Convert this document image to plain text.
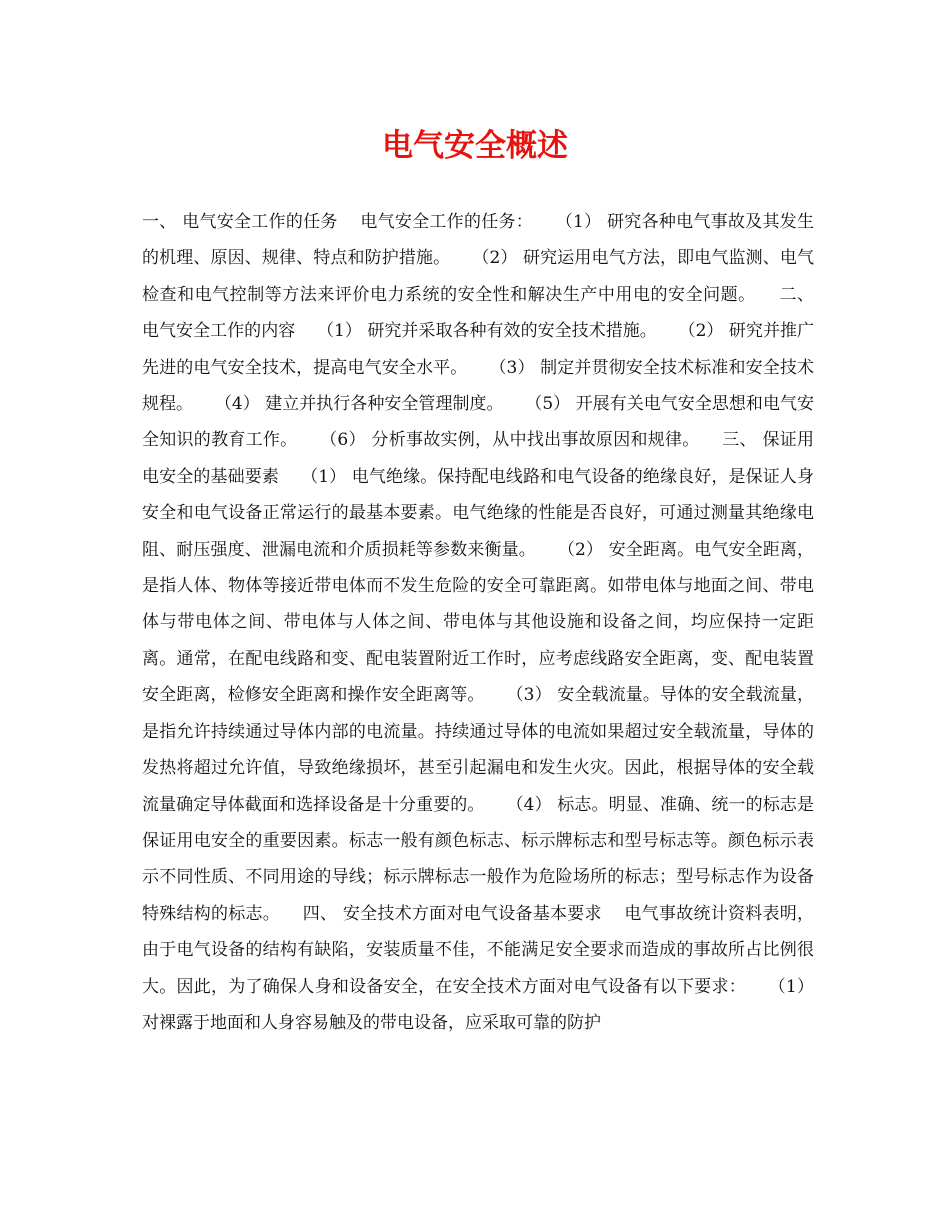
电气安全概述

一、 电气安全工作的任务    电气安全工作的任务：    （1） 研究各种电气事故及其发生的机理、原因、规律、特点和防护措施。    （2） 研究运用电气方法，即电气监测、电气检查和电气控制等方法来评价电力系统的安全性和解决生产中用电的安全问题。    二、 电气安全工作的内容    （1） 研究并采取各种有效的安全技术措施。    （2） 研究并推广先进的电气安全技术，提高电气安全水平。    （3） 制定并贯彻安全技术标准和安全技术规程。    （4） 建立并执行各种安全管理制度。    （5） 开展有关电气安全思想和电气安全知识的教育工作。    （6） 分析事故实例，从中找出事故原因和规律。    三、 保证用电安全的基础要素    （1） 电气绝缘。保持配电线路和电气设备的绝缘良好，是保证人身安全和电气设备正常运行的最基本要素。电气绝缘的性能是否良好，可通过测量其绝缘电阻、耐压强度、泄漏电流和介质损耗等参数来衡量。    （2） 安全距离。电气安全距离，是指人体、物体等接近带电体而不发生危险的安全可靠距离。如带电体与地面之间、带电体与带电体之间、带电体与人体之间、带电体与其他设施和设备之间，均应保持一定距离。通常，在配电线路和变、配电装置附近工作时，应考虑线路安全距离，变、配电装置安全距离，检修安全距离和操作安全距离等。    （3） 安全载流量。导体的安全载流量，是指允许持续通过导体内部的电流量。持续通过导体的电流如果超过安全载流量，导体的发热将超过允许值，导致绝缘损坏，甚至引起漏电和发生火灾。因此，根据导体的安全载流量确定导体截面和选择设备是十分重要的。    （4） 标志。明显、准确、统一的标志是保证用电安全的重要因素。标志一般有颜色标志、标示牌标志和型号标志等。颜色标示表示不同性质、不同用途的导线；标示牌标志一般作为危险场所的标志；型号标志作为设备特殊结构的标志。    四、 安全技术方面对电气设备基本要求    电气事故统计资料表明，由于电气设备的结构有缺陷，安装质量不佳，不能满足安全要求而造成的事故所占比例很大。因此，为了确保人身和设备安全，在安全技术方面对电气设备有以下要求：    （1） 对裸露于地面和人身容易触及的带电设备，应采取可靠的防护
